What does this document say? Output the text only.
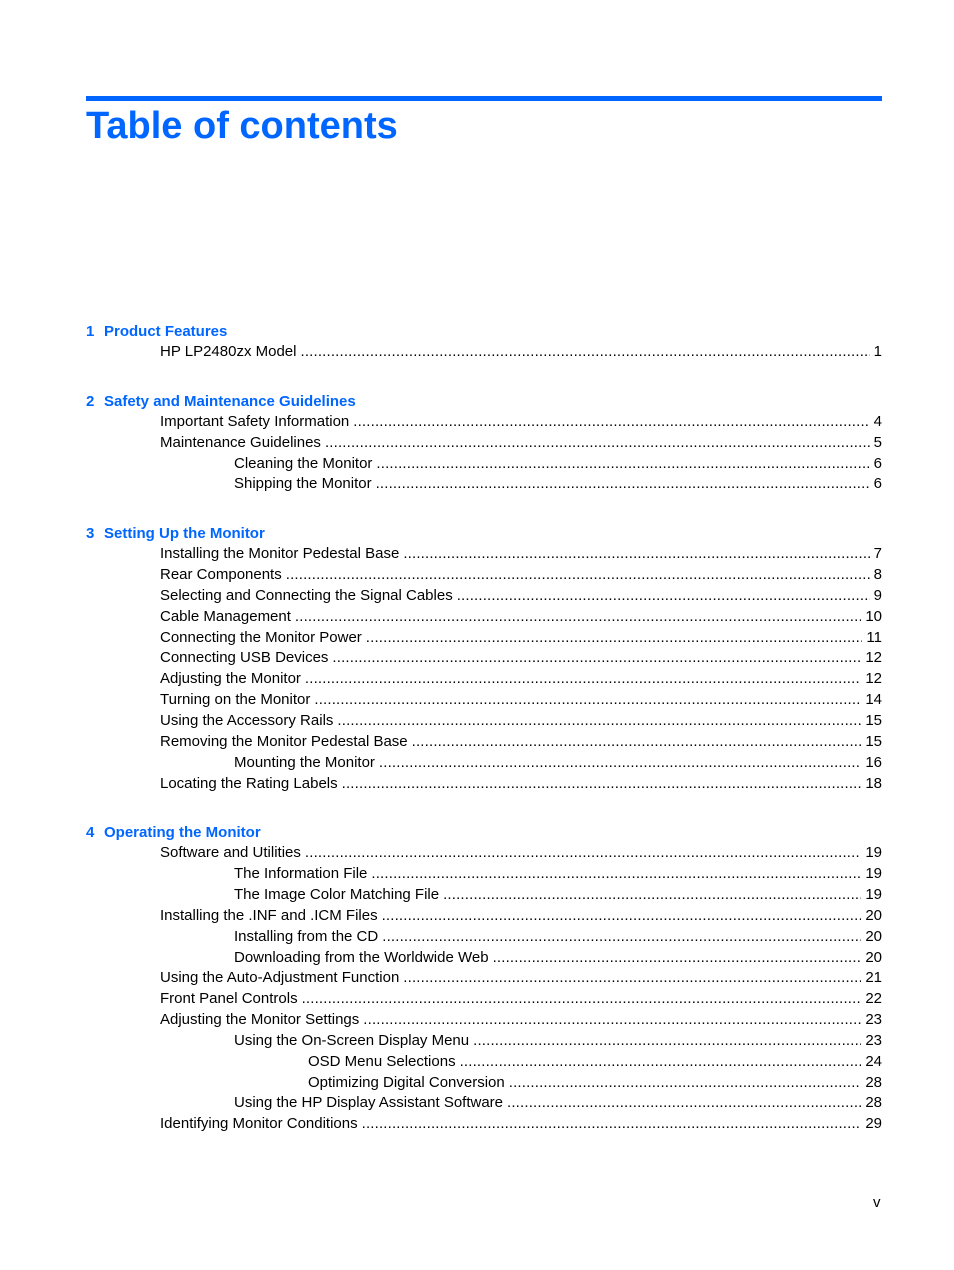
Table of contents
1 Product Features
HP LP2480zx Model . . .	1
2 Safety and Maintenance Guidelines
Important Safety Information . . .	4
Maintenance Guidelines . . .	5
Cleaning the Monitor . . .	6
Shipping the Monitor . . .	6
3 Setting Up the Monitor
Installing the Monitor Pedestal Base . . .	7
Rear Components . . .	8
Selecting and Connecting the Signal Cables . . .	9
Cable Management . . .	10
Connecting the Monitor Power . . .	11
Connecting USB Devices . . .	12
Adjusting the Monitor . . .	12
Turning on the Monitor . . .	14
Using the Accessory Rails . . .	15
Removing the Monitor Pedestal Base . . .	15
Mounting the Monitor . . .	16
Locating the Rating Labels . . .	18
4 Operating the Monitor
Software and Utilities . . .	19
The Information File . . .	19
The Image Color Matching File . . .	19
Installing the .INF and .ICM Files . . .	20
Installing from the CD . . .	20
Downloading from the Worldwide Web . . .	20
Using the Auto-Adjustment Function . . .	21
Front Panel Controls . . .	22
Adjusting the Monitor Settings . . .	23
Using the On-Screen Display Menu . . .	23
OSD Menu Selections . . .	24
Optimizing Digital Conversion . . .	28
Using the HP Display Assistant Software . . .	28
Identifying Monitor Conditions . . .	29
v
